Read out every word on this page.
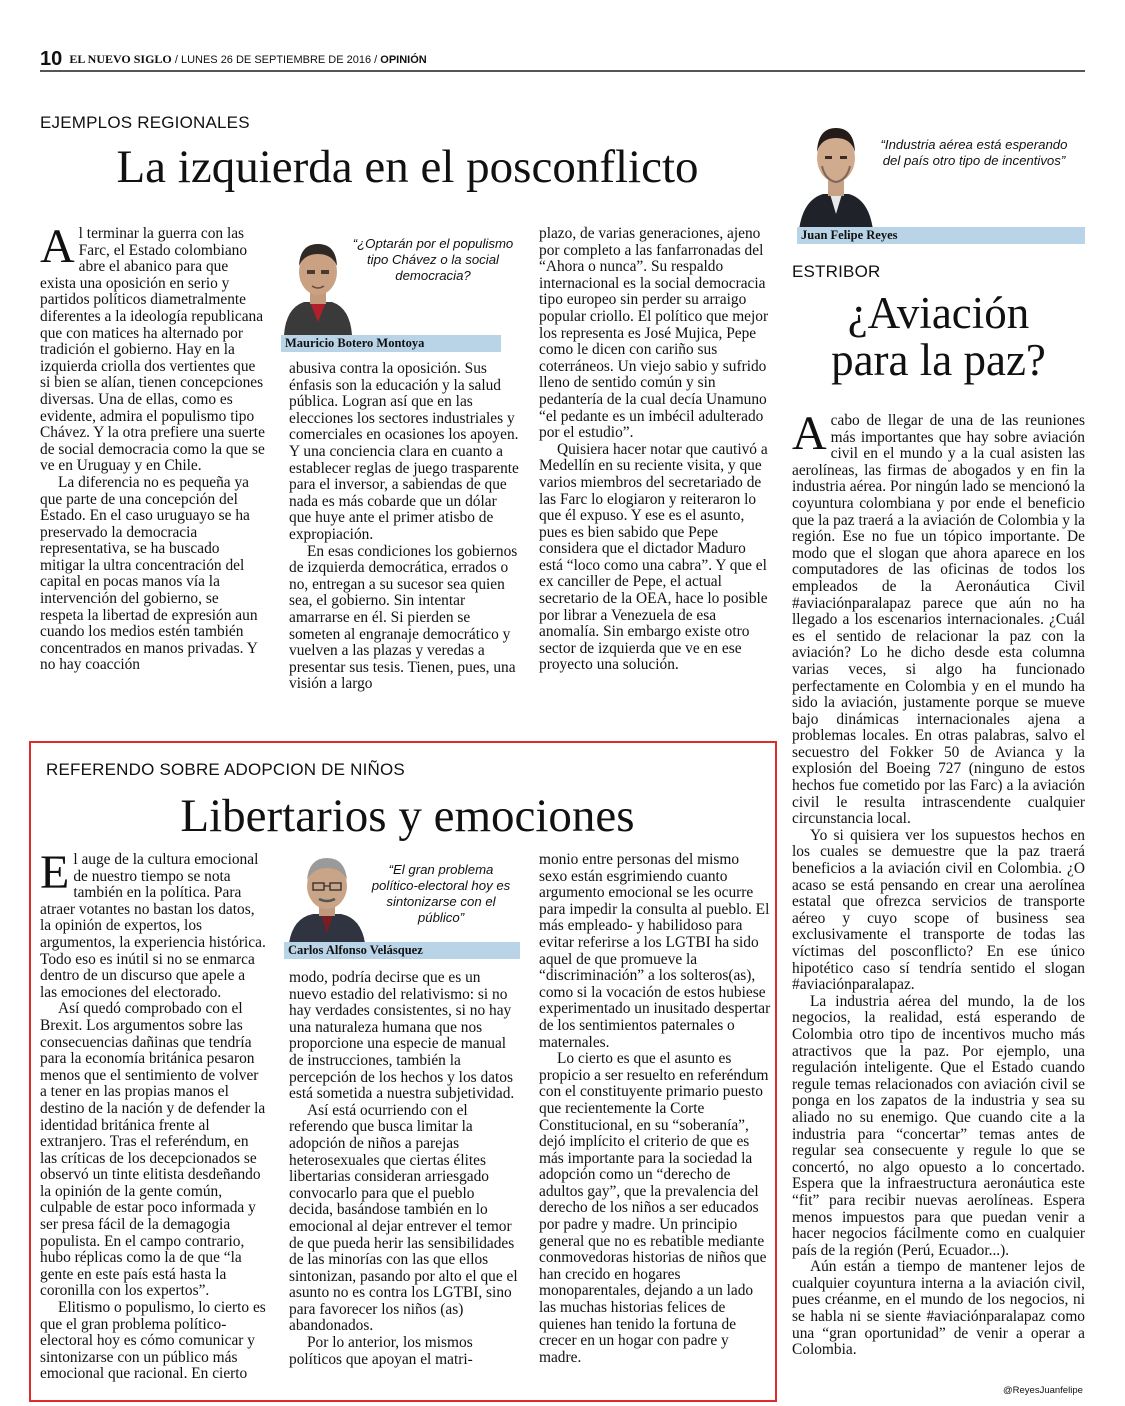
10 EL NUEVO SIGLO / LUNES 26 DE SEPTIEMBRE DE 2016 / OPINIÓN
EJEMPLOS REGIONALES
La izquierda en el posconflicto

Al terminar la guerra con las Farc, el Estado colombiano abre el abanico para que exista una oposición en serio y partidos políticos diametralmente diferentes a la ideología republicana que con matices ha alternado por tradición el gobierno. Hay en la izquierda criolla dos vertientes que si bien se alían, tienen concepciones diversas. Una de ellas, como es evidente, admira el populismo tipo Chávez. Y la otra prefiere una suerte de social democracia como la que se ve en Uruguay y en Chile.

La diferencia no es pequeña ya que parte de una concepción del Estado. En el caso uruguayo se ha preservado la democracia representativa, se ha buscado mitigar la ultra concentración del capital en pocas manos vía la intervención del gobierno, se respeta la libertad de expresión aun cuando los medios estén también concentrados en manos privadas. Y no hay coacción

“¿Optarán por el populismo tipo Chávez o la social democracia?
Mauricio Botero Montoya

abusiva contra la oposición. Sus énfasis son la educación y la salud pública. Logran así que en las elecciones los sectores industriales y comerciales en ocasiones los apoyen. Y una conciencia clara en cuanto a establecer reglas de juego trasparente para el inversor, a sabiendas de que nada es más cobarde que un dólar que huye ante el primer atisbo de expropiación.

En esas condiciones los gobiernos de izquierda democrática, errados o no, entregan a su sucesor sea quien sea, el gobierno. Sin intentar amarrarse en él. Si pierden se someten al engranaje democrático y vuelven a las plazas y veredas a presentar sus tesis. Tienen, pues, una visión a largo

plazo, de varias generaciones, ajeno por completo a las fanfarronadas del “Ahora o nunca”. Su respaldo internacional es la social democracia tipo europeo sin perder su arraigo popular criollo. El político que mejor los representa es José Mujica, Pepe como le dicen con cariño sus coterráneos. Un viejo sabio y sufrido lleno de sentido común y sin pedantería de la cual decía Unamuno “el pedante es un imbécil adulterado por el estudio”.

Quisiera hacer notar que cautivó a Medellín en su reciente visita, y que varios miembros del secretariado de las Farc lo elogiaron y reiteraron lo que él expuso. Y ese es el asunto, pues es bien sabido que Pepe considera que el dictador Maduro está “loco como una cabra”. Y que el ex canciller de Pepe, el actual secretario de la OEA, hace lo posible por librar a Venezuela de esa anomalía. Sin embargo existe otro sector de izquierda que ve en ese proyecto una solución.

REFERENDO SOBRE ADOPCION DE NIÑOS
Libertarios y emociones

El auge de la cultura emocional de nuestro tiempo se nota también en la política. Para atraer votantes no bastan los datos, la opinión de expertos, los argumentos, la experiencia histórica. Todo eso es inútil si no se enmarca dentro de un discurso que apele a las emociones del electorado.

Así quedó comprobado con el Brexit. Los argumentos sobre las consecuencias dañinas que tendría para la economía británica pesaron menos que el sentimiento de volver a tener en las propias manos el destino de la nación y de defender la identidad británica frente al extranjero. Tras el referéndum, en las críticas de los decepcionados se observó un tinte elitista desdeñando la opinión de la gente común, culpable de estar poco informada y ser presa fácil de la demagogia populista. En el campo contrario, hubo réplicas como la de que “la gente en este país está hasta la coronilla con los expertos”.

Elitismo o populismo, lo cierto es que el gran problema político-electoral hoy es cómo comunicar y sintonizarse con un público más emocional que racional. En cierto

“El gran problema político-electoral hoy es sintonizarse con el público”
Carlos Alfonso Velásquez

modo, podría decirse que es un nuevo estadio del relativismo: si no hay verdades consistentes, si no hay una naturaleza humana que nos proporcione una especie de manual de instrucciones, también la percepción de los hechos y los datos está sometida a nuestra subjetividad.

Así está ocurriendo con el referendo que busca limitar la adopción de niños a parejas heterosexuales que ciertas élites libertarias consideran arriesgado convocarlo para que el pueblo decida, basándose también en lo emocional al dejar entrever el temor de que pueda herir las sensibilidades de las minorías con las que ellos sintonizan, pasando por alto el que el asunto no es contra los LGTBI, sino para favorecer los niños (as) abandonados.

Por lo anterior, los mismos políticos que apoyan el matri-

monio entre personas del mismo sexo están esgrimiendo cuanto argumento emocional se les ocurre para impedir la consulta al pueblo. El más empleado- y habilidoso para evitar referirse a los LGTBI ha sido aquel de que promueve la “discriminación” a los solteros(as), como si la vocación de estos hubiese experimentado un inusitado despertar de los sentimientos paternales o maternales.

Lo cierto es que el asunto es propicio a ser resuelto en referéndum con el constituyente primario puesto que recientemente la Corte Constitucional, en su “soberanía”, dejó implícito el criterio de que es más importante para la sociedad la adopción como un “derecho de adultos gay”, que la prevalencia del derecho de los niños a ser educados por padre y madre. Un principio general que no es rebatible mediante conmovedoras historias de niños que han crecido en hogares monoparentales, dejando a un lado las muchas historias felices de quienes han tenido la fortuna de crecer en un hogar con padre y madre.

“Industria aérea está esperando del país otro tipo de incentivos”
Juan Felipe Reyes
ESTRIBOR
¿Aviación
para la paz?

Acabo de llegar de una de las reuniones más importantes que hay sobre aviación civil en el mundo y a la cual asisten las aerolíneas, las firmas de abogados y en fin la industria aérea. Por ningún lado se mencionó la coyuntura colombiana y por ende el beneficio que la paz traerá a la aviación de Colombia y la región. Ese no fue un tópico importante. De modo que el slogan que ahora aparece en los computadores de las oficinas de todos los empleados de la Aeronáutica Civil #aviaciónparalapaz parece que aún no ha llegado a los escenarios internacionales. ¿Cuál es el sentido de relacionar la paz con la aviación? Lo he dicho desde esta columna varias veces, si algo ha funcionado perfectamente en Colombia y en el mundo ha sido la aviación, justamente porque se mueve bajo dinámicas internacionales ajena a problemas locales. En otras palabras, salvo el secuestro del Fokker 50 de Avianca y la explosión del Boeing 727 (ninguno de estos hechos fue cometido por las Farc) a la aviación civil le resulta intrascendente cualquier circunstancia local.

Yo si quisiera ver los supuestos hechos en los cuales se demuestre que la paz traerá beneficios a la aviación civil en Colombia. ¿O acaso se está pensando en crear una aerolínea estatal que ofrezca servicios de transporte aéreo y cuyo scope of business sea exclusivamente el transporte de todas las víctimas del posconflicto? En ese único hipotético caso sí tendría sentido el slogan #aviaciónparalapaz.

La industria aérea del mundo, la de los negocios, la realidad, está esperando de Colombia otro tipo de incentivos mucho más atractivos que la paz. Por ejemplo, una regulación inteligente. Que el Estado cuando regule temas relacionados con aviación civil se ponga en los zapatos de la industria y sea su aliado no su enemigo. Que cuando cite a la industria para “concertar” temas antes de regular sea consecuente y regule lo que se concertó, no algo opuesto a lo concertado. Espera que la infraestructura aeronáutica este “fit” para recibir nuevas aerolíneas. Espera menos impuestos para que puedan venir a hacer negocios fácilmente como en cualquier país de la región (Perú, Ecuador...).

Aún están a tiempo de mantener lejos de cualquier coyuntura interna a la aviación civil, pues créanme, en el mundo de los negocios, ni se habla ni se siente #aviaciónparalapaz como una “gran oportunidad” de venir a operar a Colombia.

@ReyesJuanfelipe
